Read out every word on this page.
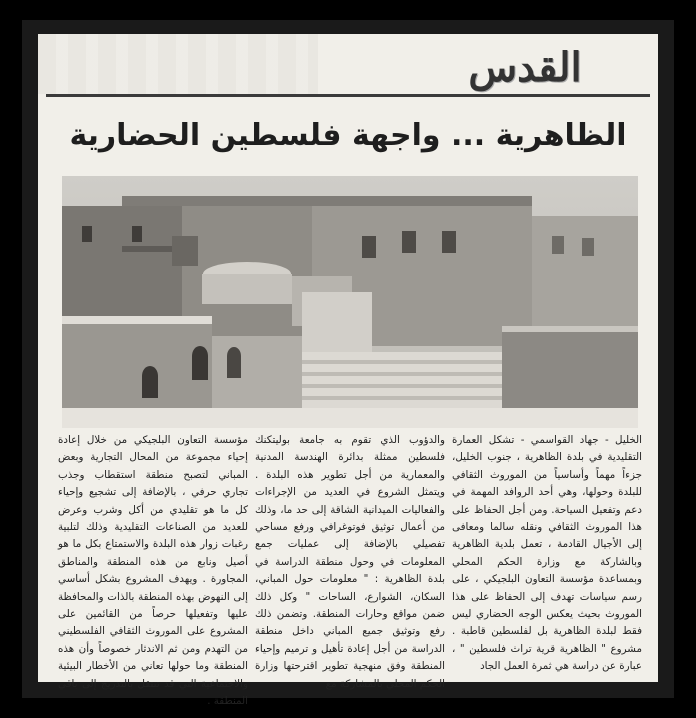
القدس
الظاهرية ... واجهة فلسطين الحضارية

الخليل - جهاد القواسمي - تشكل العمارة التقليدية في بلدة الظاهرية ، جنوب الخليل، جزءاً مهماً وأساسياً من الموروث الثقافي للبلدة وحولها، وهي أحد الروافد المهمة في دعم وتفعيل السياحة. ومن أجل الحفاظ على هذا الموروث الثقافي ونقله سالما ومعافى إلى الأجيال القادمة ، تعمل بلدية الظاهرية وبالشاركة مع وزارة الحكم المحلي وبمساعدة مؤسسة التعاون البلجيكي ، على رسم سياسات تهدف إلى الحفاظ على هذا الموروث بحيث يعكس الوجه الحضاري ليس فقط لبلدة الظاهرية بل لفلسطين قاطبة . مشروع " الظاهرية قرية تراث فلسطين " ، عبارة عن دراسة هي ثمرة العمل الجاد

والدؤوب الذي تقوم به جامعة بوليتكنك فلسطين ممثلة بدائرة الهندسة المدنية والمعمارية من أجل تطوير هذه البلدة . ويتمثل الشروع في العديد من الإجراءات والفعاليات الميدانية الشاقة إلى حد ما، وذلك من أعمال توثيق فوتوغرافي ورفع مساحي تفصيلي بالإضافة إلى عمليات جمع المعلومات في وحول منطقة الدراسة في بلدة الظاهرية : " معلومات حول المباني، السكان، الشوارع، الساحات " وكل ذلك ضمن مواقع وحارات المنطقة. وتضمن ذلك رفع وتوثيق جميع المباني داخل منطقة الدراسة من أجل إعادة تأهيل و ترميم وإحياء المنطقة وفق منهجية تطوير اقترحتها وزارة الحكم المحلي بالمشاركة مع

مؤسسة التعاون البلجيكي من خلال إعادة إحياء مجموعة من المحال التجارية وبعض المباني لتصبح منطقة استقطاب وجذب تجاري حرفي ، بالإضافة إلى تشجيع وإحياء كل ما هو تقليدي من أكل وشرب وعرض للعديد من الصناعات التقليدية وذلك لتلبية رغبات زوار هذه البلدة والاستمتاع بكل ما هو أصيل ونابع من هذه المنطقة والمناطق المجاورة . ويهدف المشروع بشكل أساسي إلى النهوض بهذه المنطقة بالذات والمحافظة عليها وتفعيلها حرصاً من القائمين على المشروع على الموروث الثقافي الفلسطيني من التهدم ومن ثم الاندثار خصوصاً وأن هذه المنطقة وما حولها تعاني من الأخطار البيئية والاجتماعية التي قد تنتقل بالتدريج إلى باقي المنطقة .
